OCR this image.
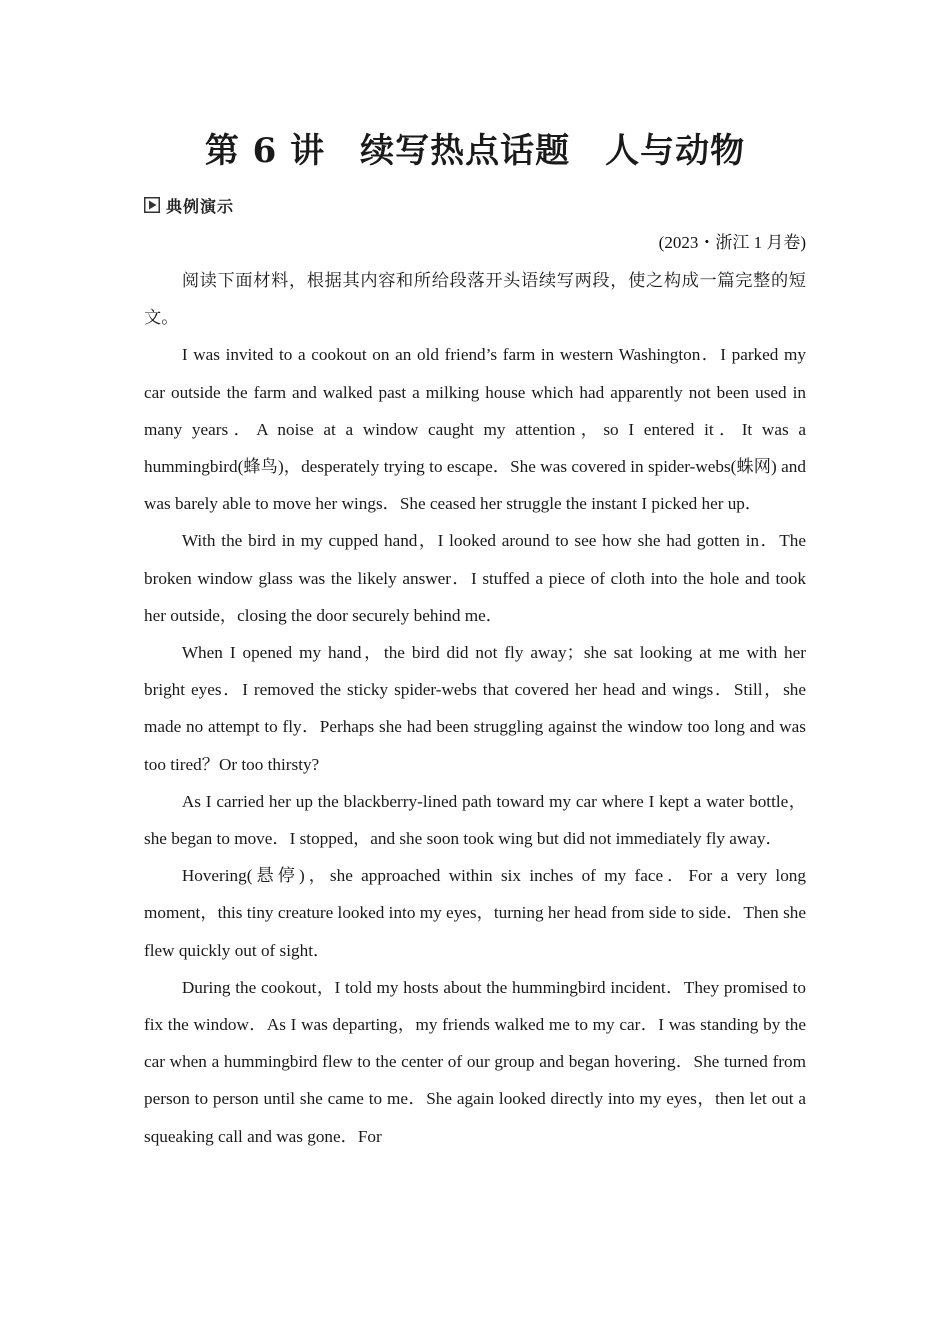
第 6 讲　续写热点话题　人与动物
典例演示
(2023・浙江 1 月卷)

阅读下面材料，根据其内容和所给段落开头语续写两段，使之构成一篇完整的短文。

I was invited to a cookout on an old friend’s farm in western Washington．I parked my car outside the farm and walked past a milking house which had apparently not been used in many years．A noise at a window caught my attention，so I entered it．It was a hummingbird(蜂鸟)，desperately trying to escape．She was covered in spider-webs(蛛网) and was barely able to move her wings．She ceased her struggle the instant I picked her up．

With the bird in my cupped hand，I looked around to see how she had gotten in．The broken window glass was the likely answer．I stuffed a piece of cloth into the hole and took her outside，closing the door securely behind me．

When I opened my hand，the bird did not fly away；she sat looking at me with her bright eyes．I removed the sticky spider-webs that covered her head and wings．Still，she made no attempt to fly．Perhaps she had been struggling against the window too long and was too tired？Or too thirsty?

As I carried her up the blackberry-lined path toward my car where I kept a water bottle，she began to move．I stopped，and she soon took wing but did not immediately fly away．

Hovering(悬停)，she approached within six inches of my face．For a very long moment，this tiny creature looked into my eyes，turning her head from side to side．Then she flew quickly out of sight．

During the cookout，I told my hosts about the hummingbird incident．They promised to fix the window．As I was departing，my friends walked me to my car．I was standing by the car when a hummingbird flew to the center of our group and began hovering．She turned from person to person until she came to me．She again looked directly into my eyes，then let out a squeaking call and was gone．For
